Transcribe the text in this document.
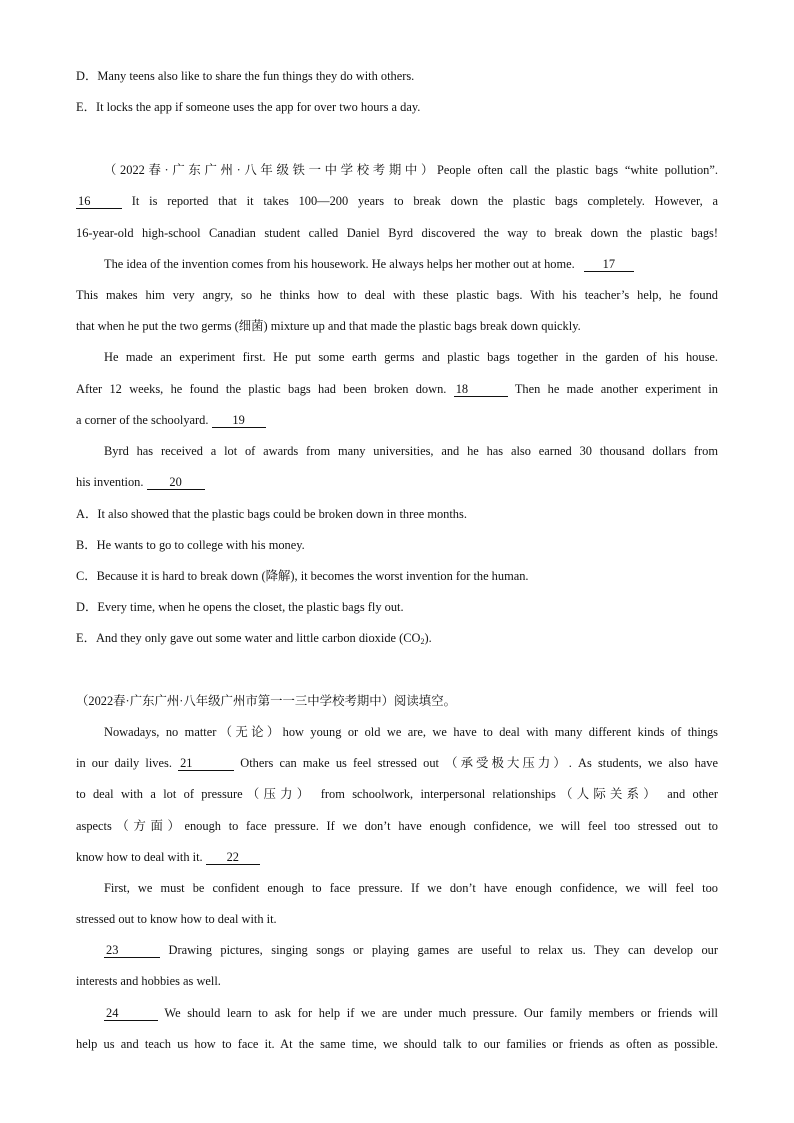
D．Many teens also like to share the fun things they do with others.
E．It locks the app if someone uses the app for over two hours a day.
（2022春·广东广州·八年级铁一中学校考期中）People often call the plastic bags “white pollution”.
16	It is reported that it takes 100—200 years to break down the plastic bags completely. However, a
16-year-old high-school Canadian student called Daniel Byrd discovered the way to break down the plastic bags!
The idea of the invention comes from his housework. He always helps her mother out at home. 17
This makes him very angry, so he thinks how to deal with these plastic bags. With his teacher’s help, he found
that when he put the two germs (细菌) mixture up and that made the plastic bags break down quickly.
He made an experiment first. He put some earth germs and plastic bags together in the garden of his house.
After 12 weeks, he found the plastic bags had been broken down. 18	Then he made another experiment in
a corner of the schoolyard. 19
Byrd has received a lot of awards from many universities, and he has also earned 30 thousand dollars from
his invention. 20
A．It also showed that the plastic bags could be broken down in three months.
B．He wants to go to college with his money.
C．Because it is hard to break down (降解), it becomes the worst invention for the human.
D．Every time, when he opens the closet, the plastic bags fly out.
E．And they only gave out some water and little carbon dioxide $(CO_2)$.
（2022春·广东广州·八年级广州市第一一三中学校考期中）阅读填空。
Nowadays, no matter（无论）how young or old we are, we have to deal with many different kinds of things
in our daily lives. 21	Others can make us feel stressed out （承受极大压力）. As students, we also have
to deal with a lot of pressure（压力） from schoolwork, interpersonal relationships（人际关系） and other
aspects（方面）enough to face pressure. If we don’t have enough confidence, we will feel too stressed out to
know how to deal with it. 22
First, we must be confident enough to face pressure. If we don’t have enough confidence, we will feel too
stressed out to know how to deal with it.
23	Drawing pictures, singing songs or playing games are useful to relax us. They can develop our
interests and hobbies as well.
24	We should learn to ask for help if we are under much pressure. Our family members or friends will
help us and teach us how to face it. At the same time, we should talk to our families or friends as often as possible.
